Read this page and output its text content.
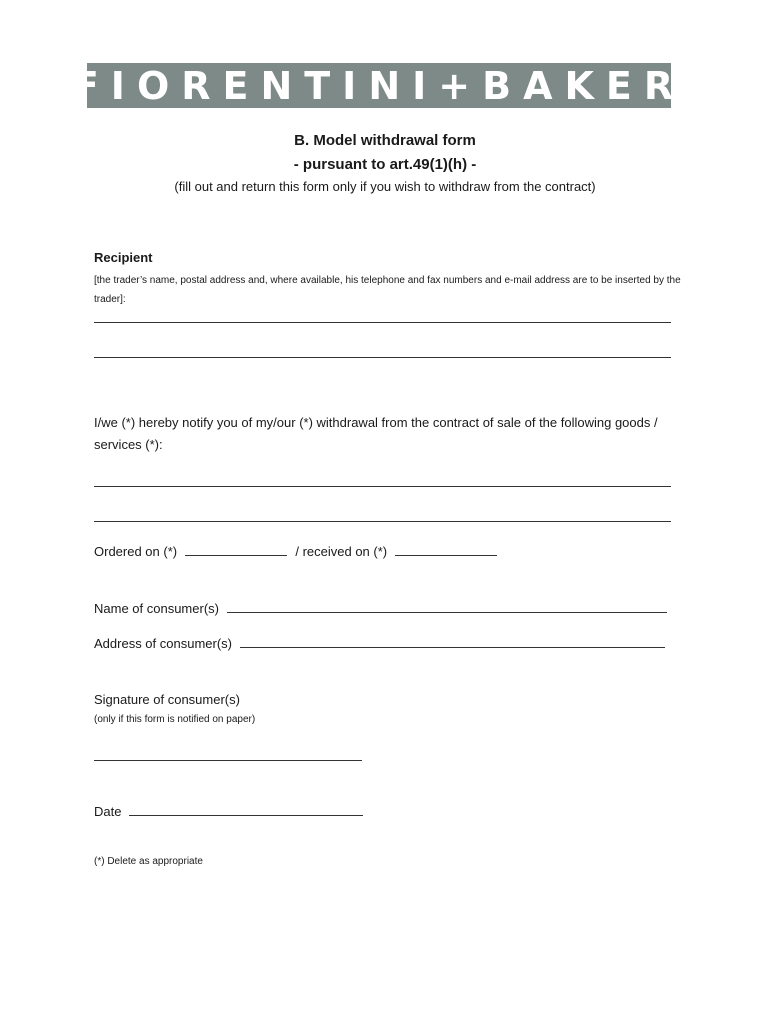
FIORENTINI+BAKER
B. Model withdrawal form
- pursuant to art.49(1)(h) -
(fill out and return this form only if you wish to withdraw from the contract)
Recipient
[the trader’s name, postal address and, where available, his telephone and fax numbers and e-mail address are to be inserted by the trader]:
I/we (*) hereby notify you of my/our (*) withdrawal from the contract of sale of the following goods / services (*):
Ordered on (*)	/ received on (*)
Name of consumer(s)
Address of consumer(s)
Signature of consumer(s)
(only if this form is notified on paper)
Date
(*) Delete as appropriate
